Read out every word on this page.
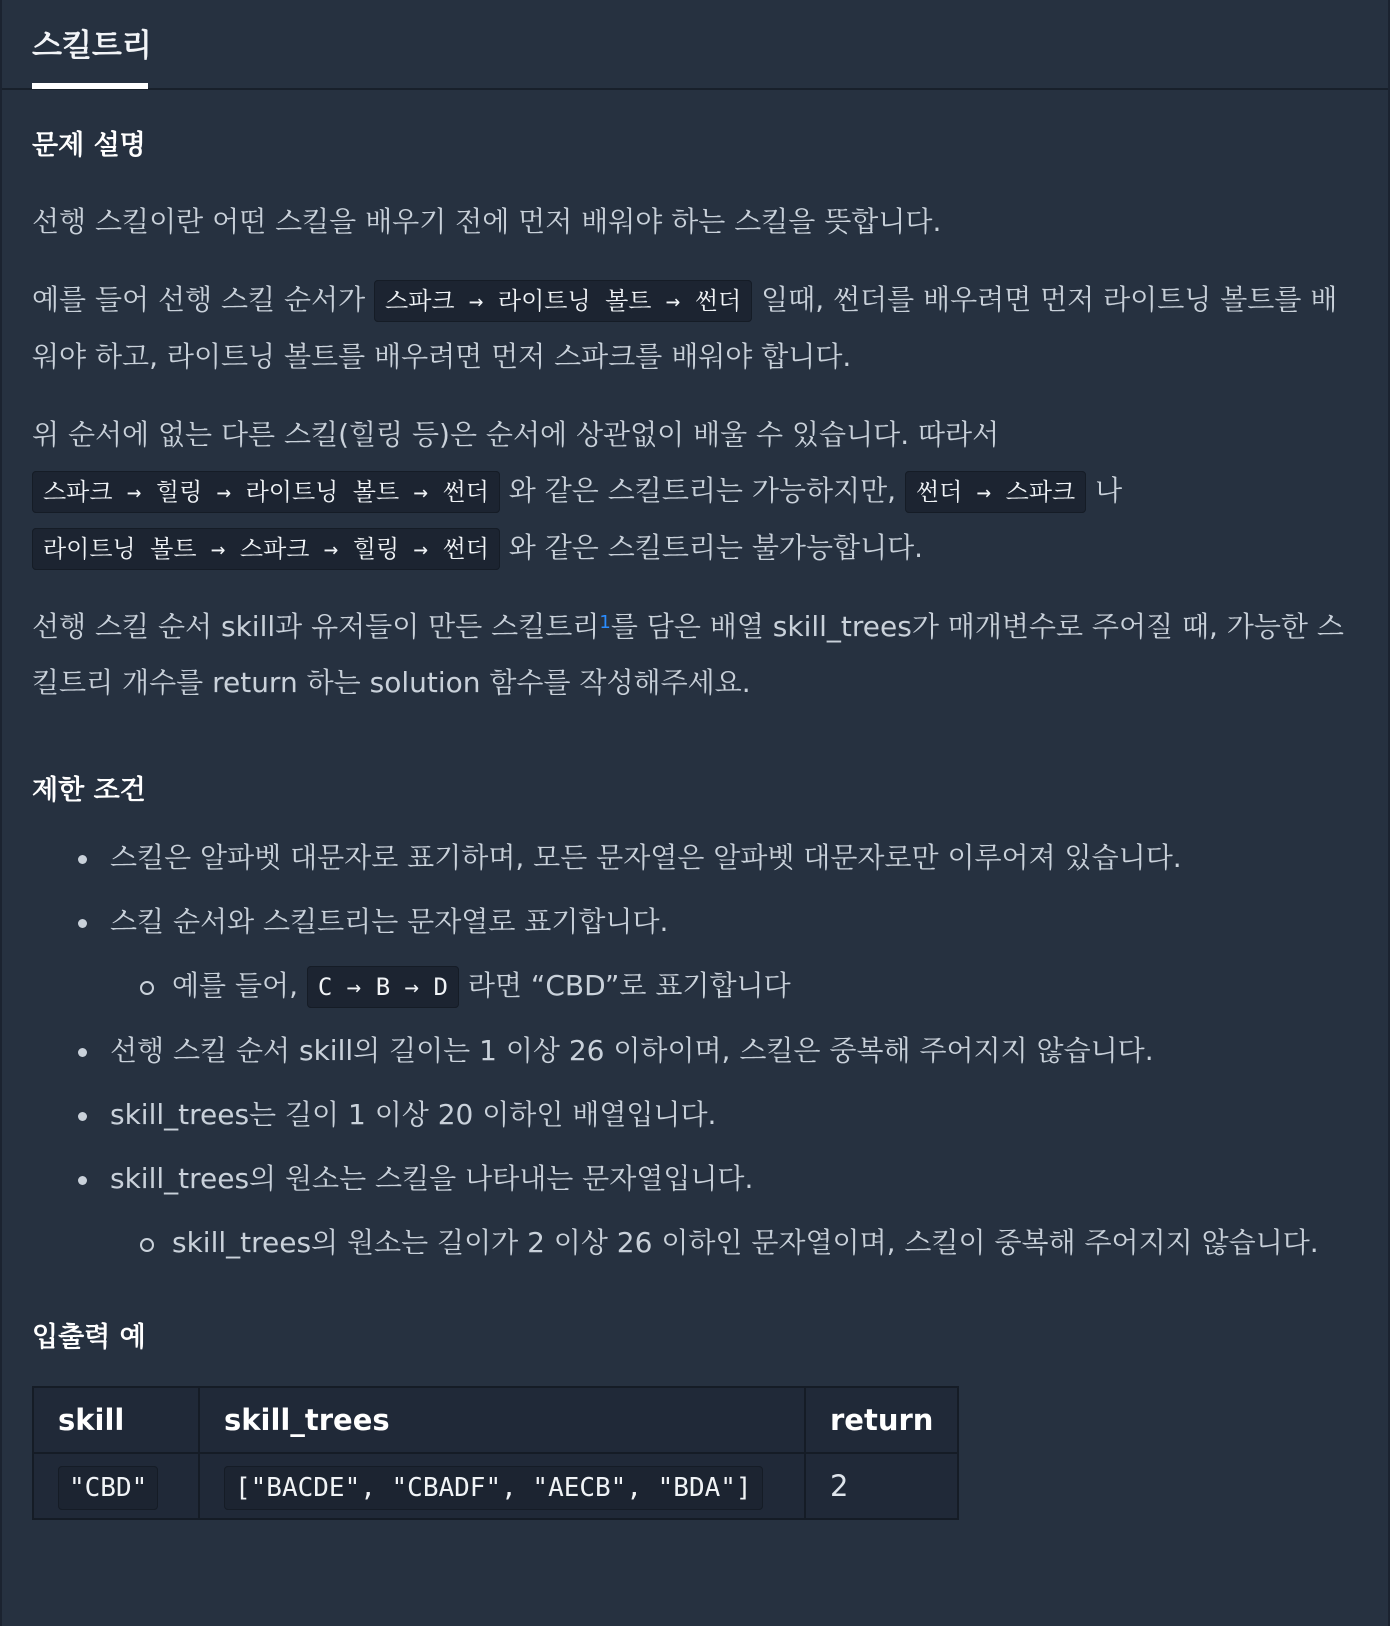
스킬트리
문제 설명

선행 스킬이란 어떤 스킬을 배우기 전에 먼저 배워야 하는 스킬을 뜻합니다.

예를 들어 선행 스킬 순서가 스파크 → 라이트닝 볼트 → 썬더 일때, 썬더를 배우려면 먼저 라이트닝 볼트를 배워야 하고, 라이트닝 볼트를 배우려면 먼저 스파크를 배워야 합니다.

위 순서에 없는 다른 스킬(힐링 등)은 순서에 상관없이 배울 수 있습니다. 따라서 스파크 → 힐링 → 라이트닝 볼트 → 썬더 와 같은 스킬트리는 가능하지만, 썬더 → 스파크 나 라이트닝 볼트 → 스파크 → 힐링 → 썬더 와 같은 스킬트리는 불가능합니다.

선행 스킬 순서 skill과 유저들이 만든 스킬트리$^1$를 담은 배열 skill_trees가 매개변수로 주어질 때, 가능한 스킬트리 개수를 return 하는 solution 함수를 작성해주세요.

제한 조건
스킬은 알파벳 대문자로 표기하며, 모든 문자열은 알파벳 대문자로만 이루어져 있습니다.
스킬 순서와 스킬트리는 문자열로 표기합니다.
예를 들어, C → B → D 라면 “CBD”로 표기합니다
선행 스킬 순서 skill의 길이는 1 이상 26 이하이며, 스킬은 중복해 주어지지 않습니다.
skill_trees는 길이 1 이상 20 이하인 배열입니다.
skill_trees의 원소는 스킬을 나타내는 문자열입니다.
skill_trees의 원소는 길이가 2 이상 26 이하인 문자열이며, 스킬이 중복해 주어지지 않습니다.
입출력 예
skill	skill_trees	return
"CBD"	["BACDE", "CBADF", "AECB", "BDA"]	2
